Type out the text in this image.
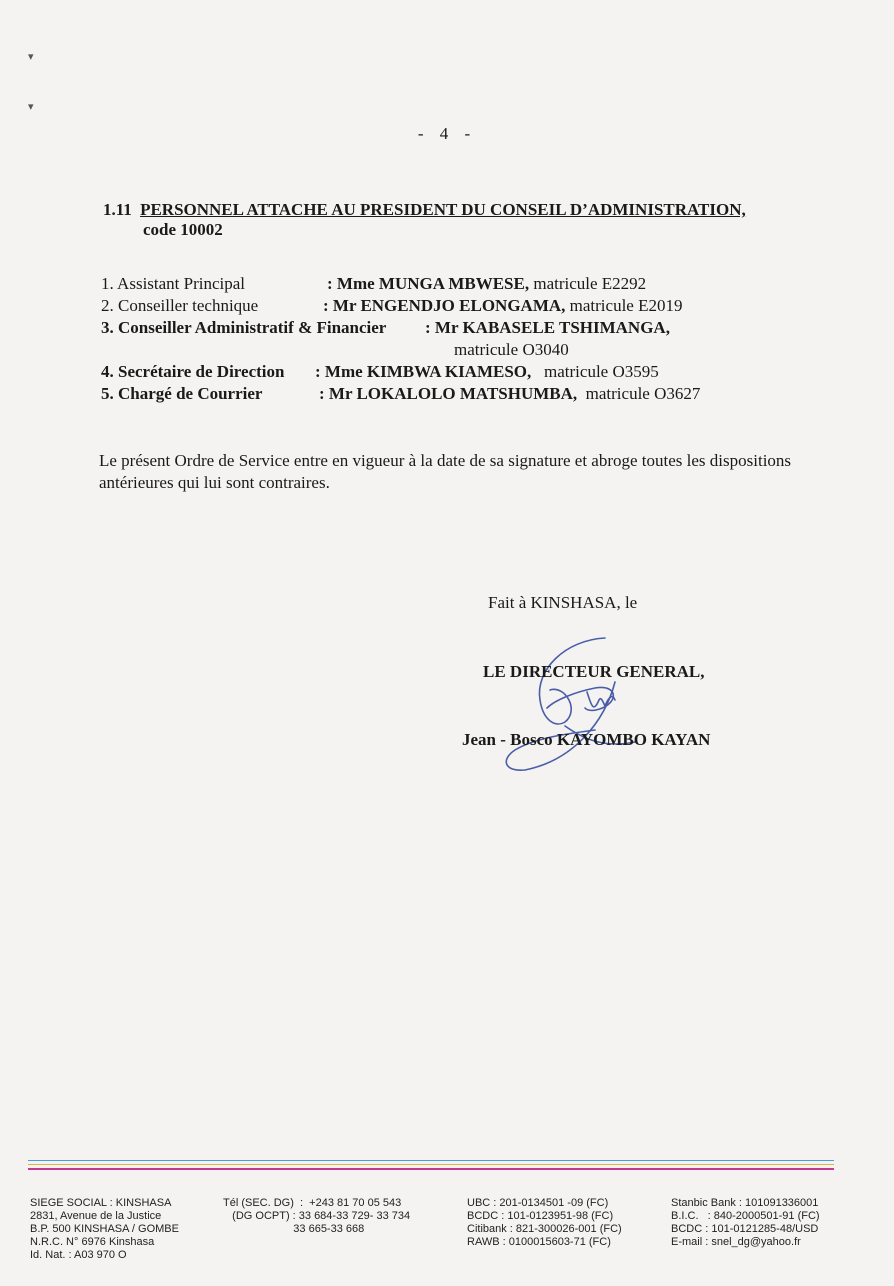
▾
▾
- 4 -
1.11 PERSONNEL ATTACHE AU PRESIDENT DU CONSEIL D’ADMINISTRATION,
code 10002
1. Assistant Principal	: Mme MUNGA MBWESE, matricule E2292
2. Conseiller technique	: Mr ENGENDJO ELONGAMA, matricule E2019
3. Conseiller Administratif & Financier : Mr KABASELE TSHIMANGA,
matricule O3040
4. Secrétaire de Direction : Mme KIMBWA KIAMESO, matricule O3595
5. Chargé de Courrier	: Mr LOKALOLO MATSHUMBA, matricule O3627
Le présent Ordre de Service entre en vigueur à la date de sa signature et abroge toutes les dispositions antérieures qui lui sont contraires.
Fait à KINSHASA, le
LE DIRECTEUR GENERAL,
Jean - Bosco KAYOMBO KAYAN
SIEGE SOCIAL : KINSHASA
2831, Avenue de la Justice
B.P. 500 KINSHASA / GOMBE
N.R.C. N° 6976 Kinshasa
Id. Nat. : A03 970 O
Tél (SEC. DG)  :  +243 81 70 05 543
(DG OCPT) : 33 684-33 729- 33 734
33 665-33 668
UBC : 201-0134501 -09 (FC)
BCDC : 101-0123951-98 (FC)
Citibank : 821-300026-001 (FC)
RAWB : 0100015603-71 (FC)
Stanbic Bank : 101091336001
B.I.C.   : 840-2000501-91 (FC)
BCDC : 101-0121285-48/USD
E-mail : snel_dg@yahoo.fr
